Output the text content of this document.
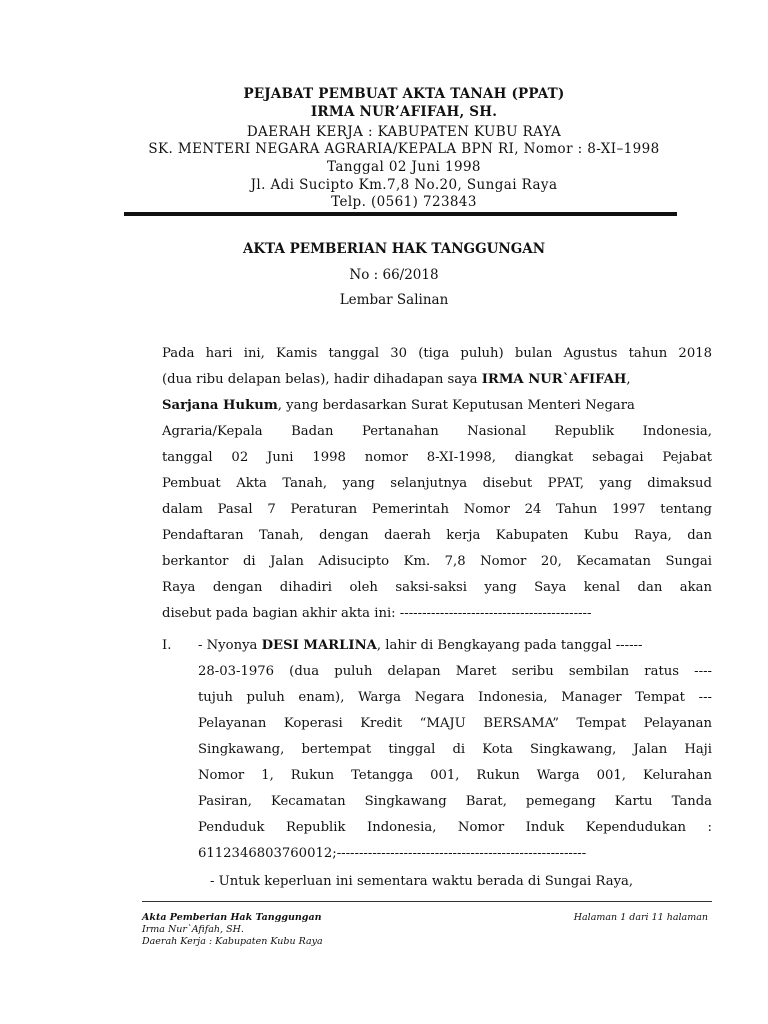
PEJABAT PEMBUAT AKTA TANAH (PPAT)
IRMA NUR’AFIFAH, SH.
DAERAH KERJA : KABUPATEN KUBU RAYA
SK. MENTERI NEGARA AGRARIA/KEPALA BPN RI, Nomor : 8-XI–1998
Tanggal 02 Juni 1998
Jl. Adi Sucipto Km.7,8 No.20, Sungai Raya
Telp. (0561) 723843
AKTA PEMBERIAN HAK TANGGUNGAN
No : 66/2018
Lembar Salinan
Pada hari ini, Kamis tanggal 30 (tiga puluh) bulan Agustus tahun 2018
(dua ribu delapan belas), hadir dihadapan saya IRMA NUR`AFIFAH,
Sarjana Hukum, yang berdasarkan Surat Keputusan Menteri Negara
Agraria/Kepala Badan Pertanahan Nasional Republik Indonesia,
tanggal 02 Juni 1998 nomor 8-XI-1998, diangkat sebagai Pejabat
Pembuat Akta Tanah, yang selanjutnya disebut PPAT, yang dimaksud
dalam Pasal 7 Peraturan Pemerintah Nomor 24 Tahun 1997 tentang
Pendaftaran Tanah, dengan daerah kerja Kabupaten Kubu Raya, dan
berkantor di Jalan Adisucipto Km. 7,8 Nomor 20, Kecamatan Sungai
Raya dengan dihadiri oleh saksi-saksi yang Saya kenal dan akan
disebut pada bagian akhir akta ini: -------------------------------------------
I. - Nyonya DESI MARLINA, lahir di Bengkayang pada tanggal ------
28-03-1976 (dua puluh delapan Maret seribu sembilan ratus ----
tujuh puluh enam), Warga Negara Indonesia, Manager Tempat ---
Pelayanan Koperasi Kredit “MAJU BERSAMA” Tempat Pelayanan
Singkawang, bertempat tinggal di Kota Singkawang, Jalan Haji
Nomor 1, Rukun Tetangga 001, Rukun Warga 001, Kelurahan
Pasiran, Kecamatan Singkawang Barat, pemegang Kartu Tanda
Penduduk Republik Indonesia, Nomor Induk Kependudukan :
6112346803760012;--------------------------------------------------------
- Untuk keperluan ini sementara waktu berada di Sungai Raya,
Akta Pemberian Hak Tanggungan
Irma Nur`Afifah, SH.
Daerah Kerja : Kabupaten Kubu Raya
Halaman 1 dari 11 halaman
